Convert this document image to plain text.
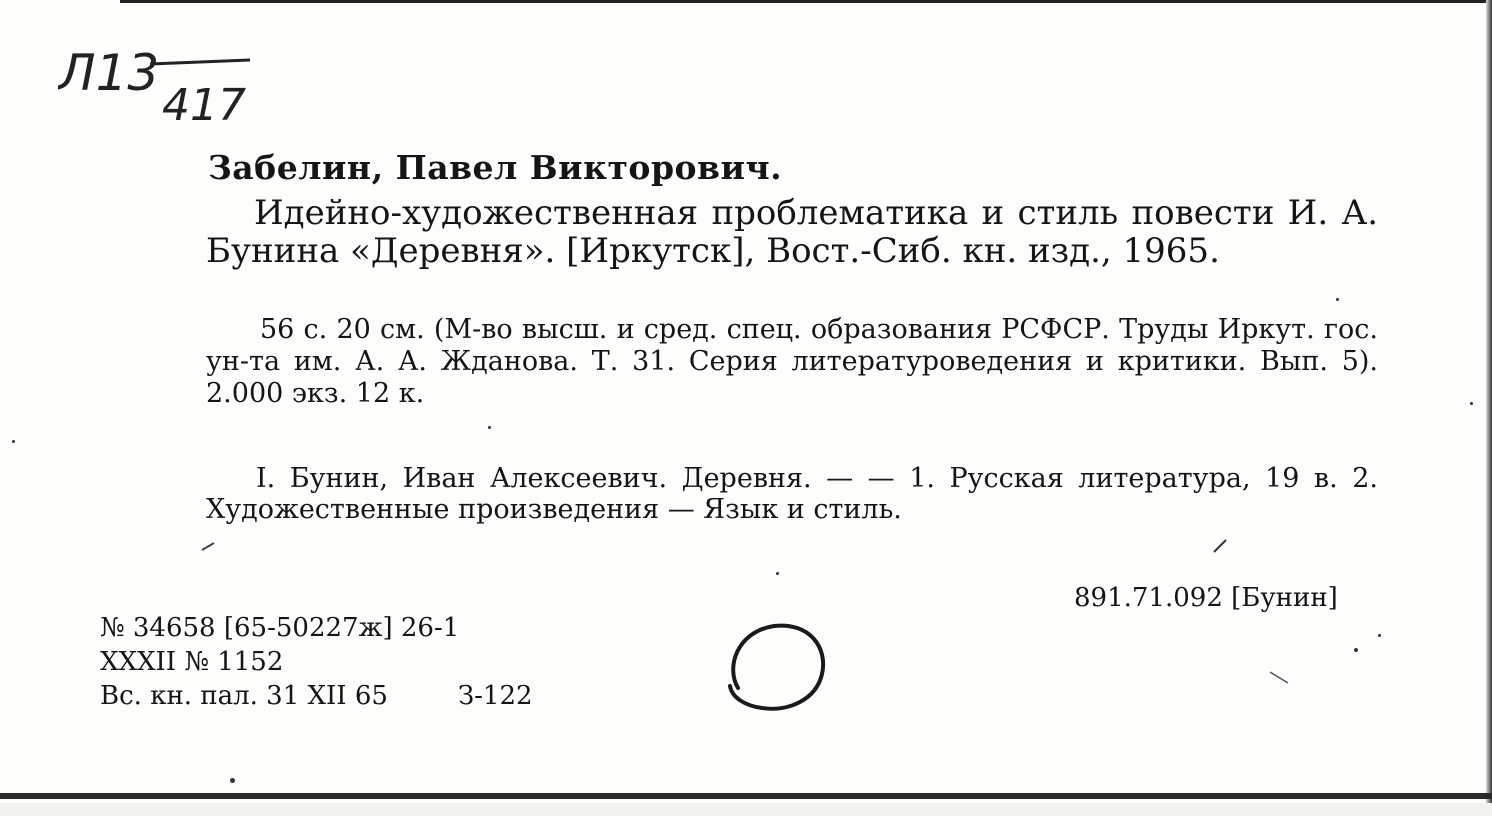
Л13
417
Забелин, Павел Викторович.
Идейно-художественная проблематика и стиль повести И. А. Бунина «Деревня». [Иркутск], Вост.-Сиб. кн. изд., 1965.
56 с. 20 см. (М-во высш. и сред. спец. образования РСФСР. Труды Иркут. гос. ун-та им. А. А. Жданова. Т. 31. Серия литературоведения и критики. Вып. 5). 2.000 экз. 12 к.
I. Бунин, Иван Алексеевич. Деревня. — — 1. Русская литература, 19 в. 2. Художественные произведения — Язык и стиль.
891.71.092 [Бунин]
№ 34658 [65-50227ж] 26-1
XXXII № 1152
Вс. кн. пал. 31 XII 65	З-122
